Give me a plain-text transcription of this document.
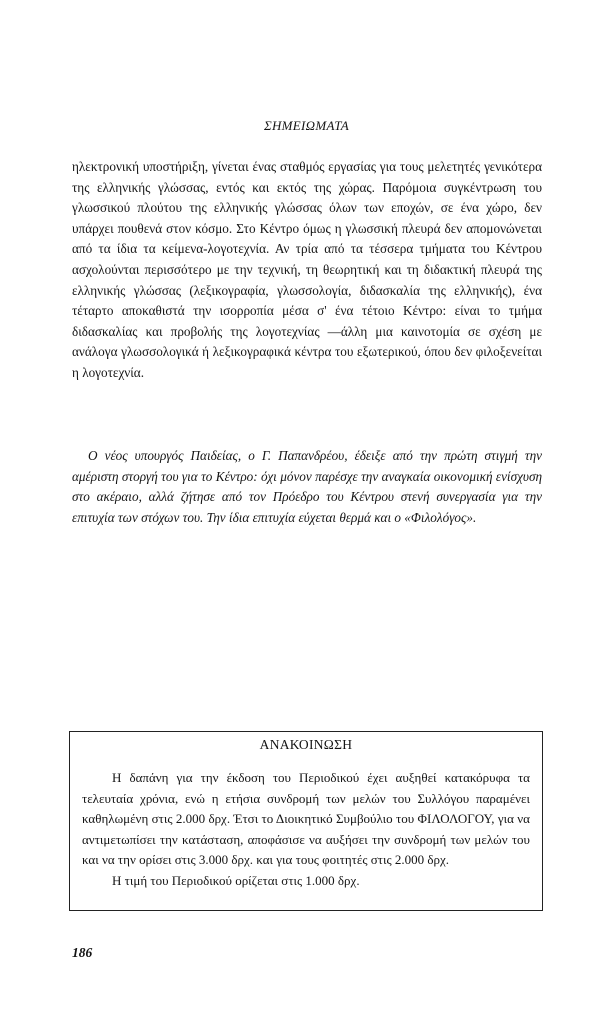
ΣΗΜΕΙΩΜΑΤΑ

ηλεκτρονική υποστήριξη, γίνεται ένας σταθμός εργασίας για τους μελετητές γενικότερα της ελληνικής γλώσσας, εντός και εκτός της χώρας. Παρόμοια συγκέντρωση του γλωσσικού πλούτου της ελληνικής γλώσσας όλων των εποχών, σε ένα χώρο, δεν υπάρχει πουθενά στον κόσμο. Στο Κέντρο όμως η γλωσσική πλευρά δεν απομονώνεται από τα ίδια τα κείμενα-λογοτεχνία. Αν τρία από τα τέσσερα τμήματα του Κέντρου ασχολούνται περισσότερο με την τεχνική, τη θεωρητική και τη διδακτική πλευρά της ελληνικής γλώσσας (λεξικογραφία, γλωσσολογία, διδασκαλία της ελληνικής), ένα τέταρτο αποκαθιστά την ισορροπία μέσα σ' ένα τέτοιο Κέντρο: είναι το τμήμα διδασκαλίας και προβολής της λογοτεχνίας —άλλη μια καινοτομία σε σχέση με ανάλογα γλωσσολογικά ή λεξικογραφικά κέντρα του εξωτερικού, όπου δεν φιλοξενείται η λογοτεχνία.

Ο νέος υπουργός Παιδείας, ο Γ. Παπανδρέου, έδειξε από την πρώτη στιγμή την αμέριστη στοργή του για το Κέντρο: όχι μόνον παρέσχε την αναγκαία οικονομική ενίσχυση στο ακέραιο, αλλά ζήτησε από τον Πρόεδρο του Κέντρου στενή συνεργασία για την επιτυχία των στόχων του. Την ίδια επιτυχία εύχεται θερμά και ο «Φιλολόγος».

ΑΝΑΚΟΙΝΩΣΗ

Η δαπάνη για την έκδοση του Περιοδικού έχει αυξηθεί κατακόρυφα τα τελευταία χρόνια, ενώ η ετήσια συνδρομή των μελών του Συλλόγου παραμένει καθηλωμένη στις 2.000 δρχ. Έτσι το Διοικητικό Συμβούλιο του ΦΙΛΟΛΟΓΟΥ, για να αντιμετωπίσει την κατάσταση, αποφάσισε να αυξήσει την συνδρομή των μελών του και να την ορίσει στις 3.000 δρχ. και για τους φοιτητές στις 2.000 δρχ.

Η τιμή του Περιοδικού ορίζεται στις 1.000 δρχ.

186
